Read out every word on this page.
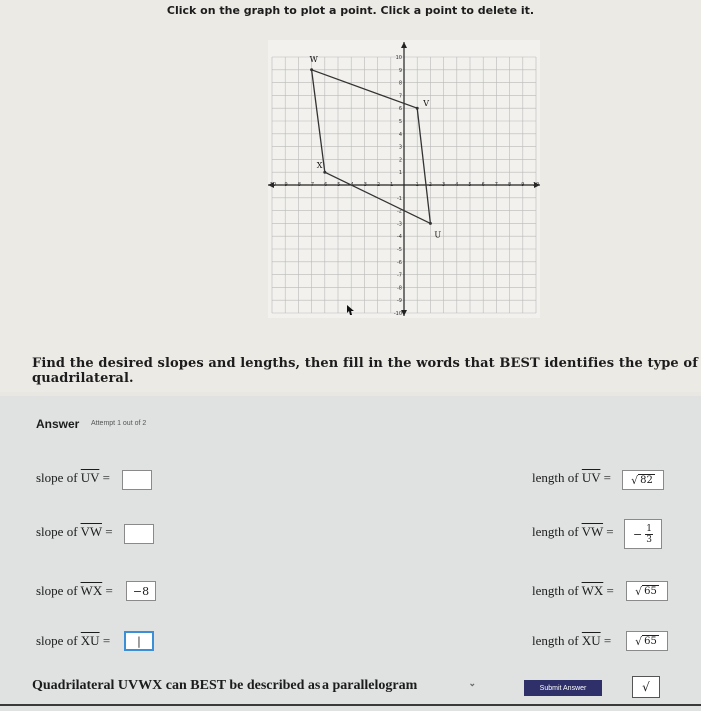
Click on the graph to plot a point. Click a point to delete it.
-10 -9 -8 -7 -6 -5 -4 -3 -2 -1	1 2 3 4 5 6 7 8 9 10
10
9
8
7
6
5
4
3
2
1
-1
-2
-3
-4
-5
-6
-7
-8
-9
-10
U
V
W
X
Find the desired slopes and lengths, then fill in the words that BEST identifies the type of quadrilateral.
Answer Attempt 1 out of 2
slope of $\overline{UV}$ =	length of $\overline{UV}$ = √ 82
slope of $\overline{VW}$ =	length of $\overline{VW}$ = − $\frac{1}{3}$
slope of $\overline{WX} = -8$	length of $\overline{WX}$ = √ 65
slope of $\overline{XU}$ = |	length of $\overline{XU}$ = √ 65
Quadrilateral UVWX can BEST be described as a parallelogram	⌄	Submit Answer	√
